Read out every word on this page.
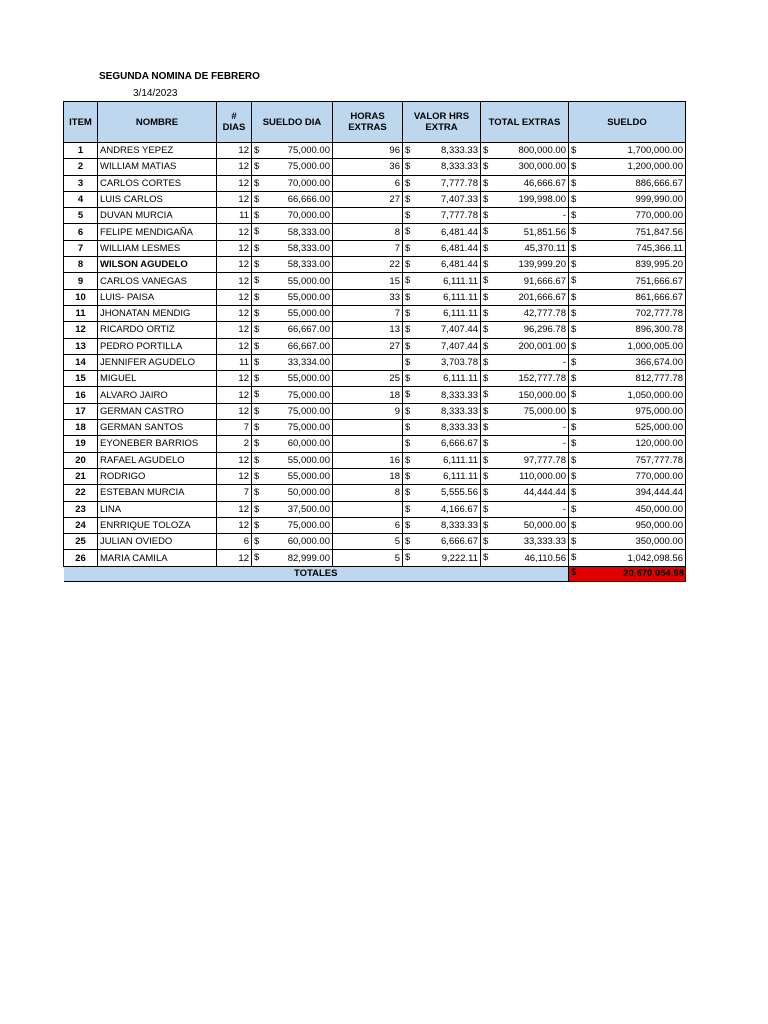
SEGUNDA NOMINA DE FEBRERO
3/14/2023
ITEM	NOMBRE	# DIAS	SUELDO DIA	HORAS EXTRAS	VALOR HRS EXTRA	TOTAL EXTRAS	SUELDO
1	ANDRES YEPEZ	12	$ 75,000.00	96	$ 8,333.33	$ 800,000.00	$ 1,700,000.00
2	WILLIAM MATIAS	12	$ 75,000.00	36	$ 8,333.33	$ 300,000.00	$ 1,200,000.00
3	CARLOS CORTES	12	$ 70,000.00	6	$ 7,777.78	$ 46,666.67	$ 886,666.67
4	LUIS CARLOS	12	$ 66,666.00	27	$ 7,407.33	$ 199,998.00	$ 999,990.00
5	DUVAN MURCIA	11	$ 70,000.00		$ 7,777.78	$ -	$ 770,000.00
6	FELIPE MENDIGAÑA	12	$ 58,333.00	8	$ 6,481.44	$ 51,851.56	$ 751,847.56
7	WILLIAM LESMES	12	$ 58,333.00	7	$ 6,481.44	$ 45,370.11	$ 745,366.11
8	WILSON AGUDELO	12	$ 58,333.00	22	$ 6,481.44	$ 139,999.20	$ 839,995.20
9	CARLOS VANEGAS	12	$ 55,000.00	15	$ 6,111.11	$ 91,666.67	$ 751,666.67
10	LUIS- PAISA	12	$ 55,000.00	33	$ 6,111.11	$ 201,666.67	$ 861,666.67
11	JHONATAN MENDIG	12	$ 55,000.00	7	$ 6,111.11	$ 42,777.78	$ 702,777.78
12	RICARDO ORTIZ	12	$ 66,667.00	13	$ 7,407.44	$ 96,296.78	$ 896,300.78
13	PEDRO PORTILLA	12	$ 66,667.00	27	$ 7,407.44	$ 200,001.00	$ 1,000,005.00
14	JENNIFER AGUDELO	11	$ 33,334.00		$ 3,703.78	$ -	$ 366,674.00
15	MIGUEL	12	$ 55,000.00	25	$ 6,111.11	$ 152,777.78	$ 812,777.78
16	ALVARO JAIRO	12	$ 75,000.00	18	$ 8,333.33	$ 150,000.00	$ 1,050,000.00
17	GERMAN CASTRO	12	$ 75,000.00	9	$ 8,333.33	$ 75,000.00	$ 975,000.00
18	GERMAN SANTOS	7	$ 75,000.00		$ 8,333.33	$ -	$ 525,000.00
19	EYONEBER BARRIOS	2	$ 60,000.00		$ 6,666.67	$ -	$ 120,000.00
20	RAFAEL AGUDELO	12	$ 55,000.00	16	$ 6,111.11	$ 97,777.78	$ 757,777.78
21	RODRIGO	12	$ 55,000.00	18	$ 6,111.11	$ 110,000.00	$ 770,000.00
22	ESTEBAN MURCIA	7	$ 50,000.00	8	$ 5,555.56	$ 44,444.44	$ 394,444.44
23	LINA	12	$ 37,500.00		$ 4,166.67	$ -	$ 450,000.00
24	ENRRIQUE TOLOZA	12	$ 75,000.00	6	$ 8,333.33	$ 50,000.00	$ 950,000.00
25	JULIAN OVIEDO	6	$ 60,000.00	5	$ 6,666.67	$ 33,333.33	$ 350,000.00
26	MARIA CAMILA	12	$ 82,999.00	5	$ 9,222.11	$ 46,110.56	$ 1,042,098.56
TOTALES							$ 20,670,054.98
